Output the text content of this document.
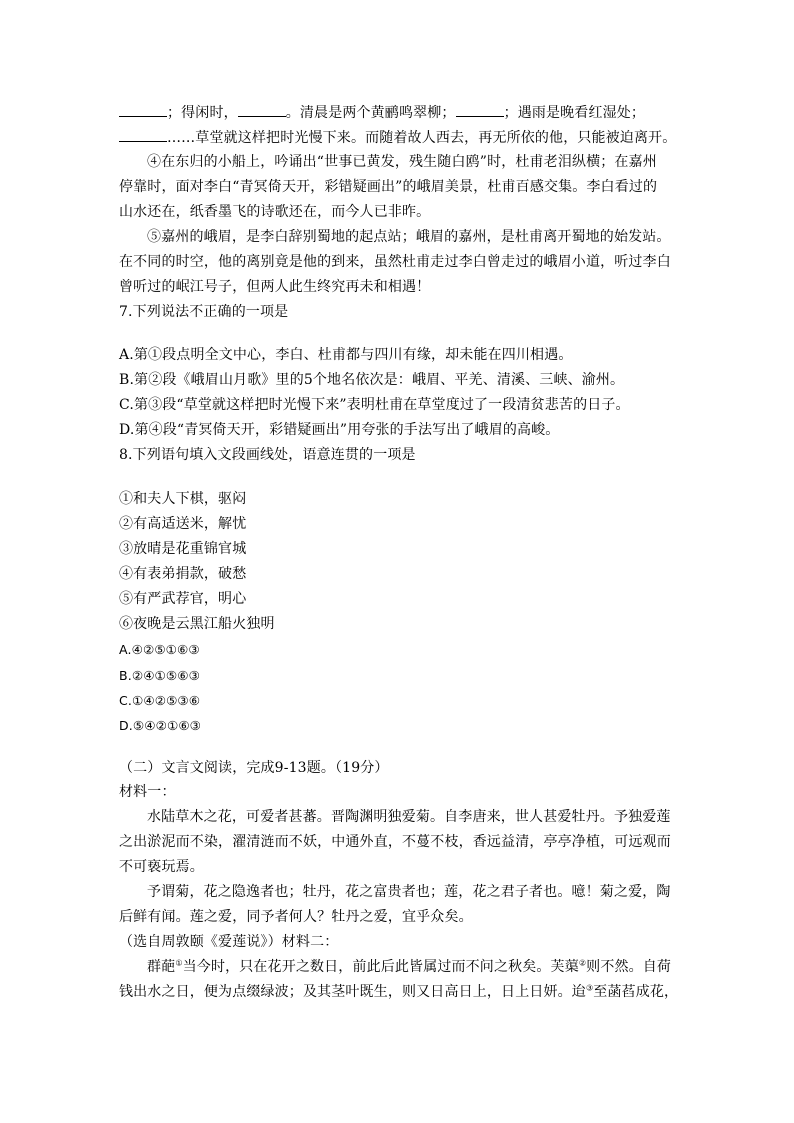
；得闲时，	。清晨是两个黄鹂鸣翠柳；	；遇雨是晚看红湿处；
……草堂就这样把时光慢下来。而随着故人西去，再无所依的他，只能被迫离开。
④在东归的小船上，吟诵出“世事已黄发，残生随白鸥”时，杜甫老泪纵横；在嘉州
停靠时，面对李白“青冥倚天开，彩错疑画出”的峨眉美景，杜甫百感交集。李白看过的
山水还在，纸香墨飞的诗歌还在，而今人已非昨。
⑤嘉州的峨眉，是李白辞别蜀地的起点站；峨眉的嘉州，是杜甫离开蜀地的始发站。
在不同的时空，他的离别竟是他的到来，虽然杜甫走过李白曾走过的峨眉小道，听过李白
曾听过的岷江号子，但两人此生终究再未和相遇！
7.下列说法不正确的一项是
A.第①段点明全文中心，李白、杜甫都与四川有缘，却未能在四川相遇。
B.第②段《峨眉山月歌》里的5个地名依次是：峨眉、平羌、清溪、三峡、渝州。
C.第③段“草堂就这样把时光慢下来”表明杜甫在草堂度过了一段清贫悲苦的日子。
D.第④段“青冥倚天开，彩错疑画出”用夸张的手法写出了峨眉的高峻。
8.下列语句填入文段画线处，语意连贯的一项是
①和夫人下棋，驱闷
②有高适送米，解忧
③放晴是花重锦官城
④有表弟捐款，破愁
⑤有严武荐官，明心
⑥夜晚是云黑江船火独明
A.④②⑤①⑥③
B.②④①⑤⑥③
C.①④②⑤③⑥
D.⑤④②①⑥③
（二）文言文阅读，完成9-13题。（19分）
材料一：
水陆草木之花，可爱者甚蕃。晋陶渊明独爱菊。自李唐来，世人甚爱牡丹。予独爱莲
之出淤泥而不染，濯清涟而不妖，中通外直，不蔓不枝，香远益清，亭亭净植，可远观而
不可亵玩焉。
予谓菊，花之隐逸者也；牡丹，花之富贵者也；莲，花之君子者也。噫！菊之爱，陶
后鲜有闻。莲之爱，同予者何人？牡丹之爱，宜乎众矣。
（选自周敦颐《爱莲说》）材料二：
群葩①当今时，只在花开之数日，前此后此皆属过而不问之秋矣。芙蕖②则不然。自荷
钱出水之日，便为点缀绿波；及其茎叶既生，则又日高日上，日上日妍。迨③至菡萏成花，
